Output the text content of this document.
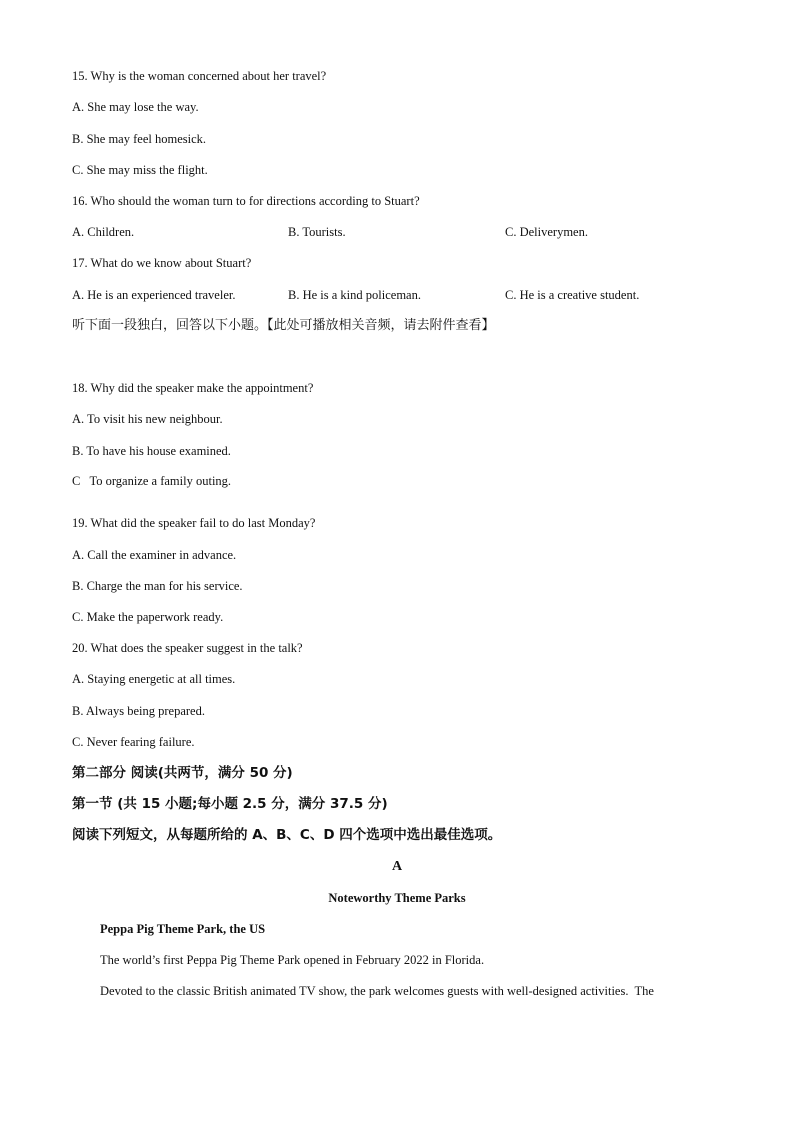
15. Why is the woman concerned about her travel?
A. She may lose the way.
B. She may feel homesick.
C. She may miss the flight.
16. Who should the woman turn to for directions according to Stuart?
A. Children.	B. Tourists.	C. Deliverymen.
17. What do we know about Stuart?
A. He is an experienced traveler.	B. He is a kind policeman.	C. He is a creative student.
听下面一段独白，回答以下小题。【此处可播放相关音频，请去附件查看】
18. Why did the speaker make the appointment?
A. To visit his new neighbour.
B. To have his house examined.
C   To organize a family outing.
19. What did the speaker fail to do last Monday?
A. Call the examiner in advance.
B. Charge the man for his service.
C. Make the paperwork ready.
20. What does the speaker suggest in the talk?
A. Staying energetic at all times.
B. Always being prepared.
C. Never fearing failure.
第二部分 阅读(共两节，满分 50 分)
第一节 (共 15 小题;每小题 2.5 分，满分 37.5 分)
阅读下列短文，从每题所给的 A、B、C、D 四个选项中选出最佳选项。
A
Noteworthy Theme Parks
Peppa Pig Theme Park, the US
The world’s first Peppa Pig Theme Park opened in February 2022 in Florida.
Devoted to the classic British animated TV show, the park welcomes guests with well-designed activities.  The
